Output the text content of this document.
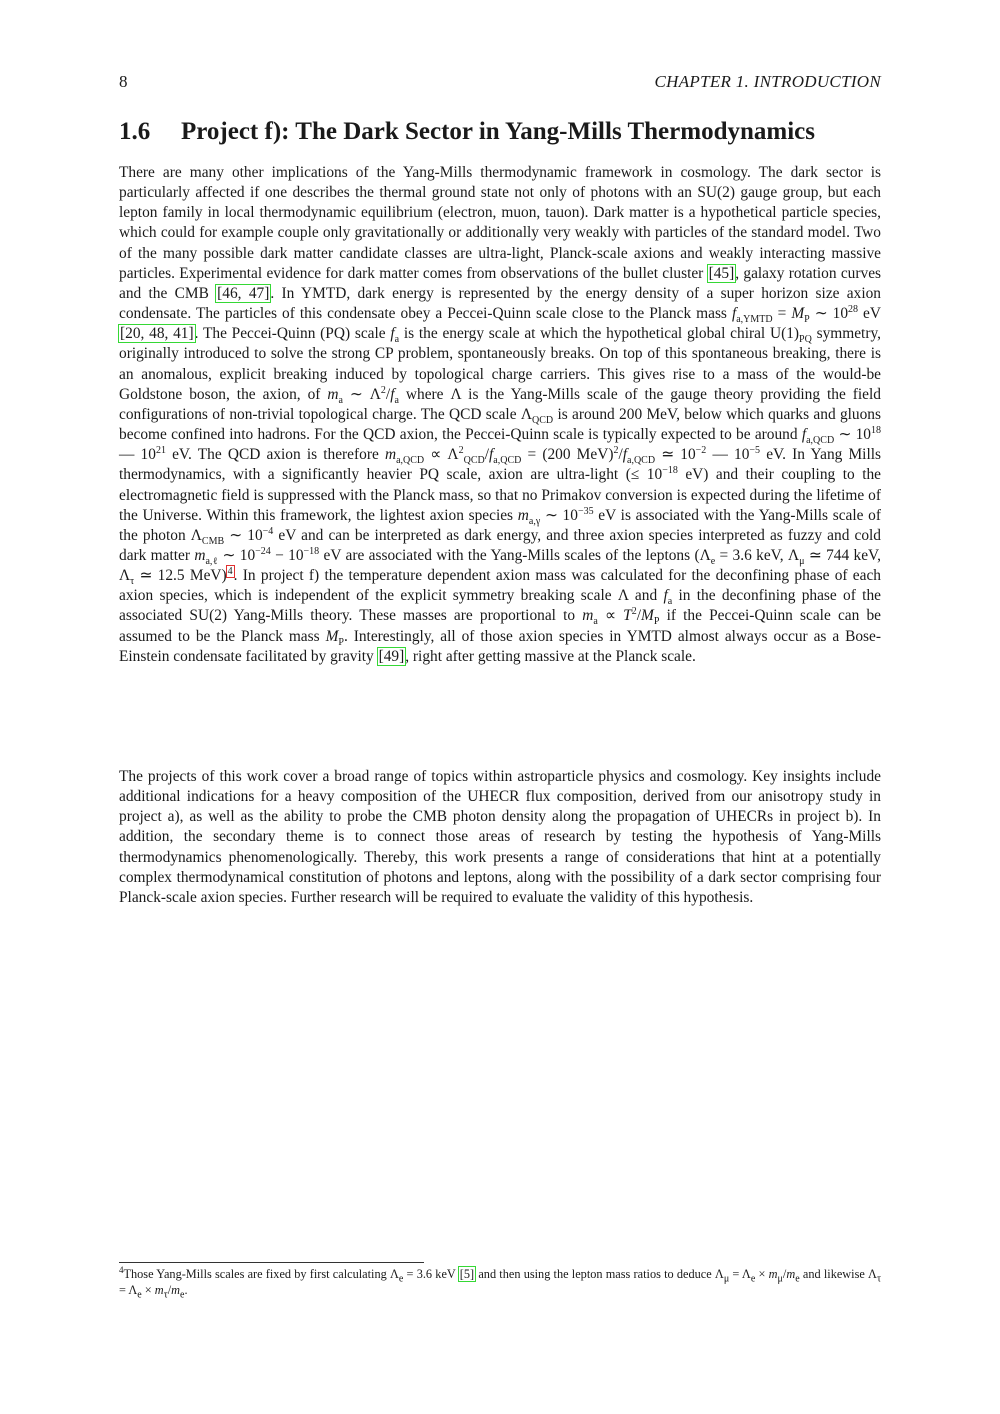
8	CHAPTER 1. INTRODUCTION
1.6 Project f): The Dark Sector in Yang-Mills Thermodynamics

There are many other implications of the Yang-Mills thermodynamic framework in cosmology. The dark sector is particularly affected if one describes the thermal ground state not only of photons with an SU(2) gauge group, but each lepton family in local thermodynamic equilibrium (electron, muon, tauon). Dark matter is a hypothetical particle species, which could for example couple only gravitationally or additionally very weakly with particles of the standard model. Two of the many possible dark matter candidate classes are ultra-light, Planck-scale axions and weakly interacting massive particles. Experimental evidence for dark matter comes from observations of the bullet cluster [45], galaxy rotation curves and the CMB [46, 47]. In YMTD, dark energy is represented by the energy density of a super horizon size axion condensate. The particles of this condensate obey a Peccei-Quinn scale close to the Planck mass $f_{a,YMTD} = M_P$ ∼ $10^{28}$ eV [20, 48, 41]. The Peccei-Quinn (PQ) scale $f_a$ is the energy scale at which the hypothetical global chiral $U(1)_{PQ}$ symmetry, originally introduced to solve the strong CP problem, spontaneously breaks. On top of this spontaneous breaking, there is an anomalous, explicit breaking induced by topological charge carriers. This gives rise to a mass of the would-be Goldstone boson, the axion, of $m_a$ ∼ $\Lambda^2/f_a$ where Λ is the Yang-Mills scale of the gauge theory providing the field configurations of non-trivial topological charge. The QCD scale $\Lambda_{QCD}$ is around 200 MeV, below which quarks and gluons become confined into hadrons. For the QCD axion, the Peccei-Quinn scale is typically expected to be around $f_{a,QCD}$ ∼ $10^{18}$ — $10^{21}$ eV. The QCD axion is therefore $m_{a,QCD} \propto \Lambda^2_{QCD}/f_{a,QCD} = (200$ $MeV)^2/f_{a,QCD}$ ≃ $10^{-2}$ — $10^{-5}$ eV. In Yang Mills thermodynamics, with a significantly heavier PQ scale, axion are ultra-light (≤ $10^{-18}$ eV) and their coupling to the electromagnetic field is suppressed with the Planck mass, so that no Primakov conversion is expected during the lifetime of the Universe. Within this framework, the lightest axion species $m_{a,\gamma}$ ∼ $10^{-35}$ eV is associated with the Yang-Mills scale of the photon $\Lambda_{CMB}$ ∼ $10^{-4}$ eV and can be interpreted as dark energy, and three axion species interpreted as fuzzy and cold dark matter $m_{a,\ell}$ ∼ $10^{-24} - 10^{-18}$ eV are associated with the Yang-Mills scales of the leptons ($\Lambda_e = 3.6$ keV, $\Lambda_\mu$ ≃ 744 keV, $\Lambda_\tau$ ≃ 12.5 MeV)$^4$. In project f) the temperature dependent axion mass was calculated for the deconfining phase of each axion species, which is independent of the explicit symmetry breaking scale Λ and $f_a$ in the deconfining phase of the associated SU(2) Yang-Mills theory. These masses are proportional to $m_a \propto T^2/M_P$ if the Peccei-Quinn scale can be assumed to be the Planck mass $M_P$. Interestingly, all of those axion species in YMTD almost always occur as a Bose-Einstein condensate facilitated by gravity [49], right after getting massive at the Planck scale.

The projects of this work cover a broad range of topics within astroparticle physics and cosmology. Key insights include additional indications for a heavy composition of the UHECR flux composition, derived from our anisotropy study in project a), as well as the ability to probe the CMB photon density along the propagation of UHECRs in project b). In addition, the secondary theme is to connect those areas of research by testing the hypothesis of Yang-Mills thermodynamics phenomenologically. Thereby, this work presents a range of considerations that hint at a potentially complex thermodynamical constitution of photons and leptons, along with the possibility of a dark sector comprising four Planck-scale axion species. Further research will be required to evaluate the validity of this hypothesis.

$^4$Those Yang-Mills scales are fixed by first calculating $\Lambda_e = 3.6$ keV [5] and then using the lepton mass ratios to deduce $\Lambda_\mu = \Lambda_e \times m_\mu/m_e$ and likewise $\Lambda_\tau = \Lambda_e \times m_\tau/m_e$.
